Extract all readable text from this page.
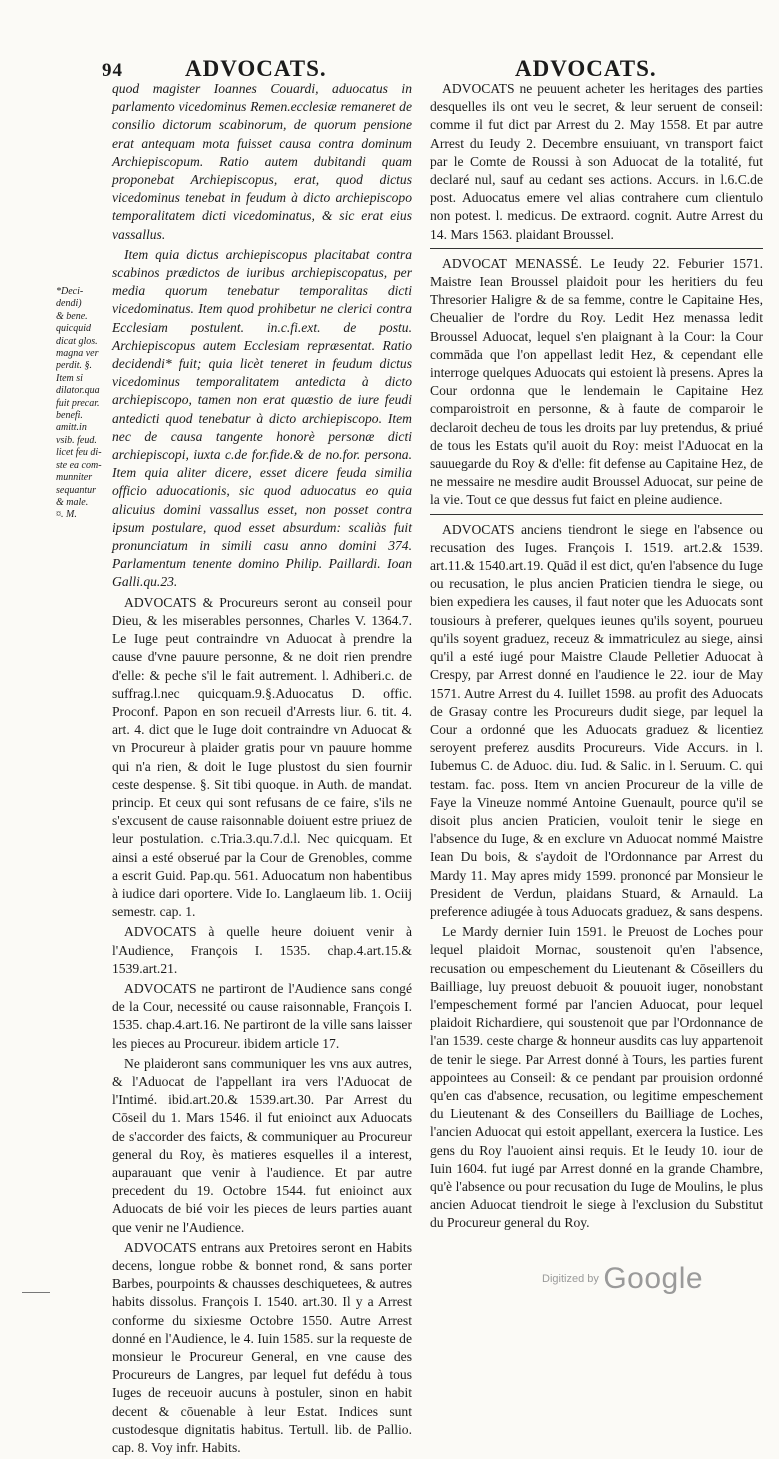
94	ADVOCATS.	ADVOCATS.
*Deci-
dendi)
& bene.
quicquid
dicat glos.
magna ver
perdit. §.
Item si
dilator.qua
fuit precar.
benefi.
amitt.in
vsib. feud.
licet feu di-
ste ea com-
munniter
sequantur
& male.
¤. M.

quod magister Ioannes Couardi, aduocatus in parlamento vicedominus Remen.ecclesiæ remaneret de consilio dictorum scabinorum, de quorum pensione erat antequam mota fuisset causa contra dominum Archiepiscopum. Ratio autem dubitandi quam proponebat Archiepiscopus, erat, quod dictus vicedominus tenebat in feudum à dicto archiepiscopo temporalitatem dicti vicedominatus, & sic erat eius vassallus.

Item quia dictus archiepiscopus placitabat contra scabinos prædictos de iuribus archiepiscopatus, per media quorum tenebatur temporalitas dicti vicedominatus. Item quod prohibetur ne clerici contra Ecclesiam postulent. in.c.fi.ext. de postu. Archiepiscopus autem Ecclesiam repræsentat. Ratio decidendi* fuit; quia licèt teneret in feudum dictus vicedominus temporalitatem antedicta à dicto archiepiscopo, tamen non erat quæstio de iure feudi antedicti quod tenebatur à dicto archiepiscopo. Item nec de causa tangente honorè personæ dicti archiepiscopi, iuxta c.de for.fide.& de no.for. persona. Item quia aliter dicere, esset dicere feuda similia officio aduocationis, sic quod aduocatus eo quia alicuius domini vassallus esset, non posset contra ipsum postulare, quod esset absurdum: scaliàs fuit pronunciatum in simili casu anno domini 374. Parlamentum tenente domino Philip. Paillardi. Ioan Galli.qu.23.

ADVOCATS & Procureurs seront au conseil pour Dieu, & les miserables personnes, Charles V. 1364.7. Le Iuge peut contraindre vn Aduocat à prendre la cause d'vne pauure personne, & ne doit rien prendre d'elle: & peche s'il le fait autrement. l. Adhiberi.c. de suffrag.l.nec quicquam.9.§.Aduocatus D. offic. Proconf. Papon en son recueil d'Arrests liur. 6. tit. 4. art. 4. dict que le Iuge doit contraindre vn Aduocat & vn Procureur à plaider gratis pour vn pauure homme qui n'a rien, & doit le Iuge plustost du sien fournir ceste despense. §. Sit tibi quoque. in Auth. de mandat. princip. Et ceux qui sont refusans de ce faire, s'ils ne s'excusent de cause raisonnable doiuent estre priuez de leur postulation. c.Tria.3.qu.7.d.l. Nec quicquam. Et ainsi a esté obserué par la Cour de Grenobles, comme a escrit Guid. Pap.qu. 561. Aduocatum non habentibus à iudice dari oportere. Vide Io. Langlaeum lib. 1. Ociij semestr. cap. 1.

ADVOCATS à quelle heure doiuent venir à l'Audience, François I. 1535. chap.4.art.15.& 1539.art.21.

ADVOCATS ne partiront de l'Audience sans congé de la Cour, necessité ou cause raisonnable, François I. 1535. chap.4.art.16. Ne partiront de la ville sans laisser les pieces au Procureur. ibidem article 17.

Ne plaideront sans communiquer les vns aux autres, & l'Aduocat de l'appellant ira vers l'Aduocat de l'Intimé. ibid.art.20.& 1539.art.30. Par Arrest du Cōseil du 1. Mars 1546. il fut enioinct aux Aduocats de s'accorder des faicts, & communiquer au Procureur general du Roy, ès matieres esquelles il a interest, auparauant que venir à l'audience. Et par autre precedent du 19. Octobre 1544. fut enioinct aux Aduocats de bié voir les pieces de leurs parties auant que venir ne l'Audience.

ADVOCATS entrans aux Pretoires seront en Habits decens, longue robbe & bonnet rond, & sans porter Barbes, pourpoints & chausses deschiquetees, & autres habits dissolus. François I. 1540. art.30. Il y a Arrest conforme du sixiesme Octobre 1550. Autre Arrest donné en l'Audience, le 4. Iuin 1585. sur la requeste de monsieur le Procureur General, en vne cause des Procureurs de Langres, par lequel fut defédu à tous Iuges de receuoir aucuns à postuler, sinon en habit decent & cōuenable à leur Estat. Indices sunt custodesque dignitatis habitus. Tertull. lib. de Pallio. cap. 8. Voy infr. Habits.

ADVOCATS ne peuuent acheter les heritages des parties desquelles ils ont veu le secret, & leur seruent de conseil: comme il fut dict par Arrest du 2. May 1558. Et par autre Arrest du Ieudy 2. Decembre ensuiuant, vn transport faict par le Comte de Roussi à son Aduocat de la totalité, fut declaré nul, sauf au cedant ses actions. Accurs. in l.6.C.de post. Aduocatus emere vel alias contrahere cum clientulo non potest. l. medicus. De extraord. cognit. Autre Arrest du 14. Mars 1563. plaidant Broussel.

ADVOCAT MENASSÉ. Le Ieudy 22. Feburier 1571. Maistre Iean Broussel plaidoit pour les heritiers du feu Thresorier Haligre & de sa femme, contre le Capitaine Hes, Cheualier de l'ordre du Roy. Ledit Hez menassa ledit Broussel Aduocat, lequel s'en plaignant à la Cour: la Cour commāda que l'on appellast ledit Hez, & cependant elle interroge quelques Aduocats qui estoient là presens. Apres la Cour ordonna que le lendemain le Capitaine Hez comparoistroit en personne, & à faute de comparoir le declaroit decheu de tous les droits par luy pretendus, & priué de tous les Estats qu'il auoit du Roy: meist l'Aduocat en la sauuegarde du Roy & d'elle: fit defense au Capitaine Hez, de ne messaire ne mesdire audit Broussel Aduocat, sur peine de la vie. Tout ce que dessus fut faict en pleine audience.

ADVOCATS anciens tiendront le siege en l'absence ou recusation des Iuges. François I. 1519. art.2.& 1539. art.11.& 1540.art.19. Quād il est dict, qu'en l'absence du Iuge ou recusation, le plus ancien Praticien tiendra le siege, ou bien expediera les causes, il faut noter que les Aduocats sont tousiours à preferer, quelques ieunes qu'ils soyent, pourueu qu'ils soyent graduez, receuz & immatriculez au siege, ainsi qu'il a esté iugé pour Maistre Claude Pelletier Aduocat à Crespy, par Arrest donné en l'audience le 22. iour de May 1571. Autre Arrest du 4. Iuillet 1598. au profit des Aduocats de Grasay contre les Procureurs dudit siege, par lequel la Cour a ordonné que les Aduocats graduez & licentiez seroyent preferez ausdits Procureurs. Vide Accurs. in l. Iubemus C. de Aduoc. diu. Iud. & Salic. in l. Seruum. C. qui testam. fac. poss. Item vn ancien Procureur de la ville de Faye la Vineuze nommé Antoine Guenault, pource qu'il se disoit plus ancien Praticien, vouloit tenir le siege en l'absence du Iuge, & en exclure vn Aduocat nommé Maistre Iean Du bois, & s'aydoit de l'Ordonnance par Arrest du Mardy 11. May apres midy 1599. prononcé par Monsieur le President de Verdun, plaidans Stuard, & Arnauld. La preference adiugée à tous Aduocats graduez, & sans despens.

Le Mardy dernier Iuin 1591. le Preuost de Loches pour lequel plaidoit Mornac, soustenoit qu'en l'absence, recusation ou empeschement du Lieutenant & Cōseillers du Bailliage, luy preuost debuoit & pouuoit iuger, nonobstant l'empeschement formé par l'ancien Aduocat, pour lequel plaidoit Richardiere, qui soustenoit que par l'Ordonnance de l'an 1539. ceste charge & honneur ausdits cas luy appartenoit de tenir le siege. Par Arrest donné à Tours, les parties furent appointees au Conseil: & ce pendant par prouision ordonné qu'en cas d'absence, recusation, ou legitime empeschement du Lieutenant & des Conseillers du Bailliage de Loches, l'ancien Aduocat qui estoit appellant, exercera la Iustice. Les gens du Roy l'auoient ainsi requis. Et le Ieudy 10. iour de Iuin 1604. fut iugé par Arrest donné en la grande Chambre, qu'è l'absence ou pour recusation du Iuge de Moulins, le plus ancien Aduocat tiendroit le siege à l'exclusion du Substitut du Procureur general du Roy.

Digitized by Google
